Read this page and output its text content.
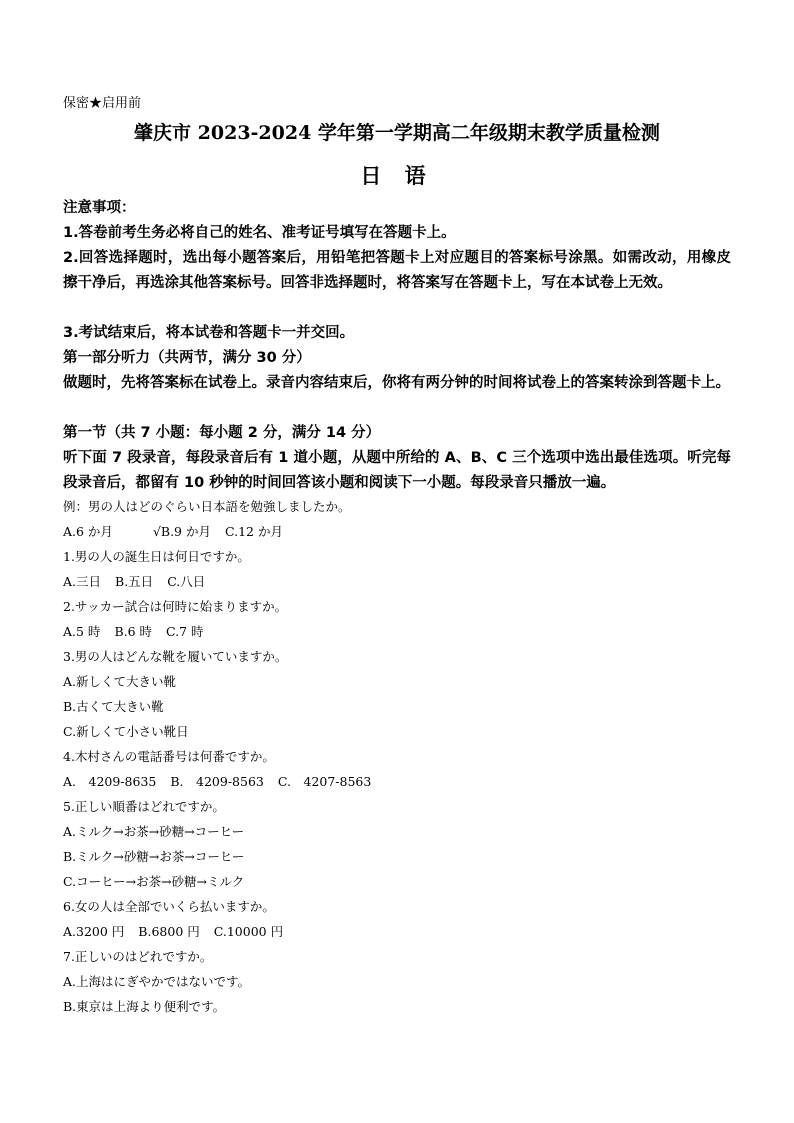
保密★启用前
肇庆市 2023-2024 学年第一学期高二年级期末教学质量检测
日 语
注意事项：
1.答卷前考生务必将自己的姓名、准考证号填写在答题卡上。
2.回答选择题时，选出每小题答案后，用铅笔把答题卡上对应题目的答案标号涂黑。如需改动，用橡皮擦干净后，再选涂其他答案标号。回答非选择题时，将答案写在答题卡上，写在本试卷上无效。
3.考试结束后，将本试卷和答题卡一并交回。
第一部分听力（共两节，满分 30 分）
做题时，先将答案标在试卷上。录音内容结束后，你将有两分钟的时间将试卷上的答案转涂到答题卡上。
第一节（共 7 小题：每小题 2 分，满分 14 分）
听下面 7 段录音，每段录音后有 1 道小题，从题中所给的 A、B、C 三个选项中选出最佳选项。听完每段录音后，都留有 10 秒钟的时间回答该小题和阅读下一小题。每段录音只播放一遍。
例：男の人はどのぐらい日本語を勉強しましたか。
A.6 か月	√B.9 か月 C.12 か月
1.男の人の誕生日は何日ですか。
A.三日 B.五日 C.八日
2.サッカー試合は何時に始まりますか。
A.5 時 B.6 時 C.7 時
3.男の人はどんな靴を履いていますか。
A.新しくて大きい靴
B.古くて大きい靴
C.新しくて小さい靴日
4.木村さんの電話番号は何番ですか。
A.　4209-8635 B.　4209-8563 C.　4207-8563
5.正しい順番はどれですか。
A.ミルク→お茶→砂糖→コーヒー
B.ミルク→砂糖→お茶→コーヒー
C.コーヒー→お茶→砂糖→ミルク
6.女の人は全部でいくら払いますか。
A.3200 円 B.6800 円 C.10000 円
7.正しいのはどれですか。
A.上海はにぎやかではないです。
B.東京は上海より便利です。
